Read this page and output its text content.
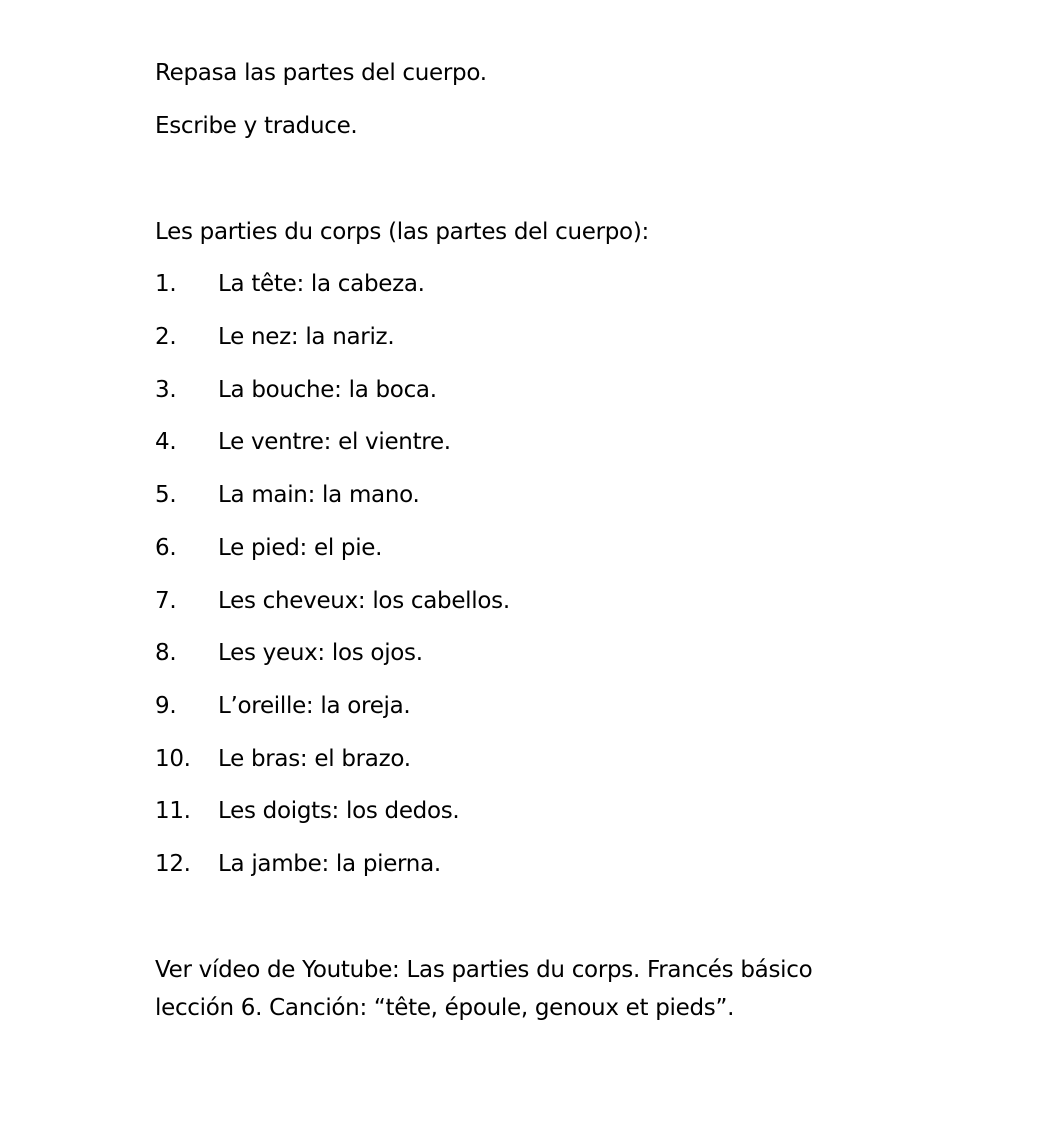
Repasa las partes del cuerpo.
Escribe y traduce.
Les parties du corps (las partes del cuerpo):
1. La tête: la cabeza.
2. Le nez: la nariz.
3. La bouche: la boca.
4. Le ventre: el vientre.
5. La main: la mano.
6. Le pied: el pie.
7. Les cheveux: los cabellos.
8. Les yeux: los ojos.
9. L’oreille: la oreja.
10. Le bras: el brazo.
11. Les doigts: los dedos.
12. La jambe: la pierna.
Ver vídeo de Youtube: Las parties du corps. Francés básico
lección 6. Canción: “tête, époule, genoux et pieds”.
